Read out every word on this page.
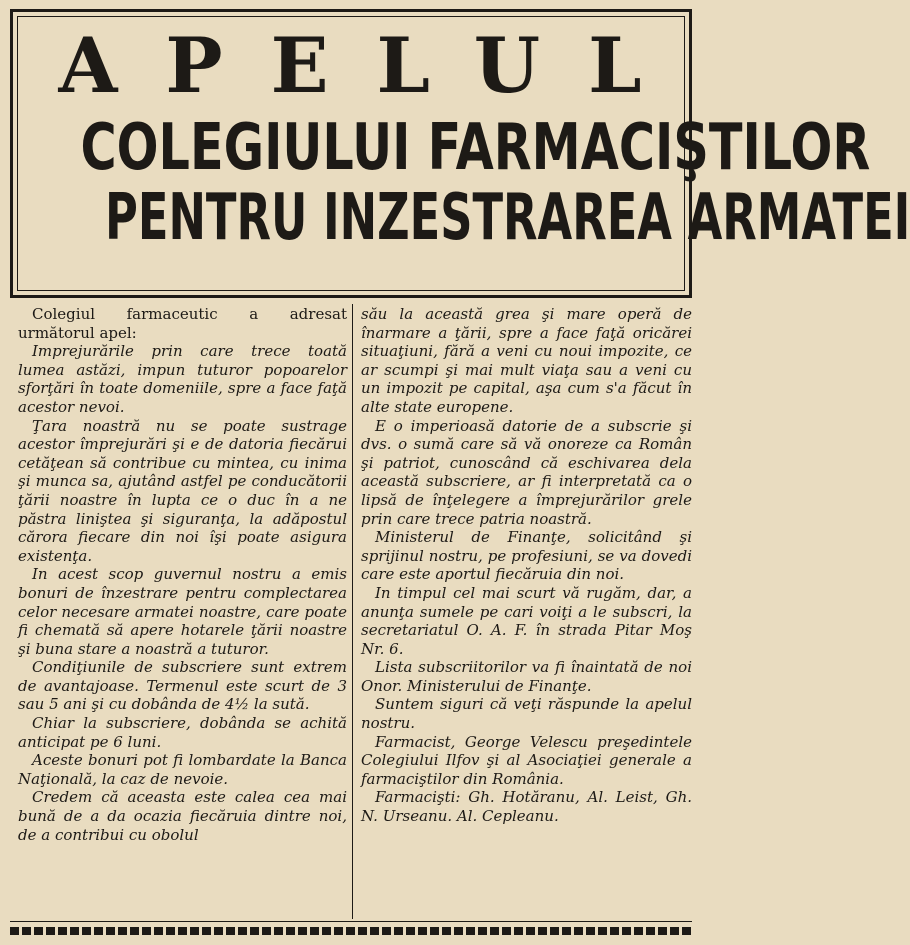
APELUL
COLEGIULUI FARMACIŞTILOR
PENTRU INZESTRAREA ARMATEI

Colegiul farmaceutic a adresat următorul apel:

Impreјurările prin care trece toată lumea astăzi, impun tuturor popoarelor sforţări în toate domeniile, spre a face faţă acestor nevoi.

Ţara noastră nu se poate sustrage acestor împrejurări şi e de datoria fiecărui cetăţean să contribue cu mintea, cu inima şi munca sa, ajutând astfel pe conducătorii ţării noastre în lupta ce o duc în a ne păstra liniştea şi siguranţa, la adăpostul cărora fiecare din noi îşi poate asigura existenţa.

In acest scop guvernul nostru a emis bonuri de înzestrare pentru complectarea celor necesare armatei noastre, care poate fi chemată să apere hotarele ţării noastre şi buna stare a noastră a tuturor.

Condiţiunile de subscriere sunt extrem de avantajoase. Termenul este scurt de 3 sau 5 ani şi cu dobânda de 4½ la sută.

Chiar la subscriere, dobânda se achită anticipat pe 6 luni.

Aceste bonuri pot fi lombardate la Banca Naţională, la caz de nevoie.

Credem că aceasta este calea cea mai bună de a da ocazia fiecăruia dintre noi, de a contribui cu obolul

său la această grea şi mare operă de înarmare a ţării, spre a face faţă oricărei situaţiuni, fără a veni cu noui impozite, ce ar scumpi şi mai mult viaţa sau a veni cu un impozit pe capital, aşa cum s'a făcut în alte state europene.

E o imperioasă datorie de a subscrie şi dvs. o sumă care să vă onoreze ca Român şi patriot, cunoscând că eschivarea dela această subscriere, ar fi interpretată ca o lipsă de înţelegere a împrejurărilor grele prin care trece patria noastră.

Ministerul de Finanţe, solicitând şi sprijinul nostru, pe profesiuni, se va dovedi care este aportul fiecăruia din noi.

In timpul cel mai scurt vă rugăm, dar, a anunţa sumele pe cari voiţi a le subscri, la secretariatul O. A. F. în strada Pitar Moş Nr. 6.

Lista subscriitorilor va fi înaintată de noi Onor. Ministerului de Finanţe.

Suntem siguri că veţi răspunde la apelul nostru.

Farmacist, George Velescu preşedintele Colegiului Ilfov şi al Asociaţiei generale a farmaciştilor din România.

Farmacişti: Gh. Hotăranu, Al. Leist, Gh. N. Urseanu. Al. Cepleanu.
